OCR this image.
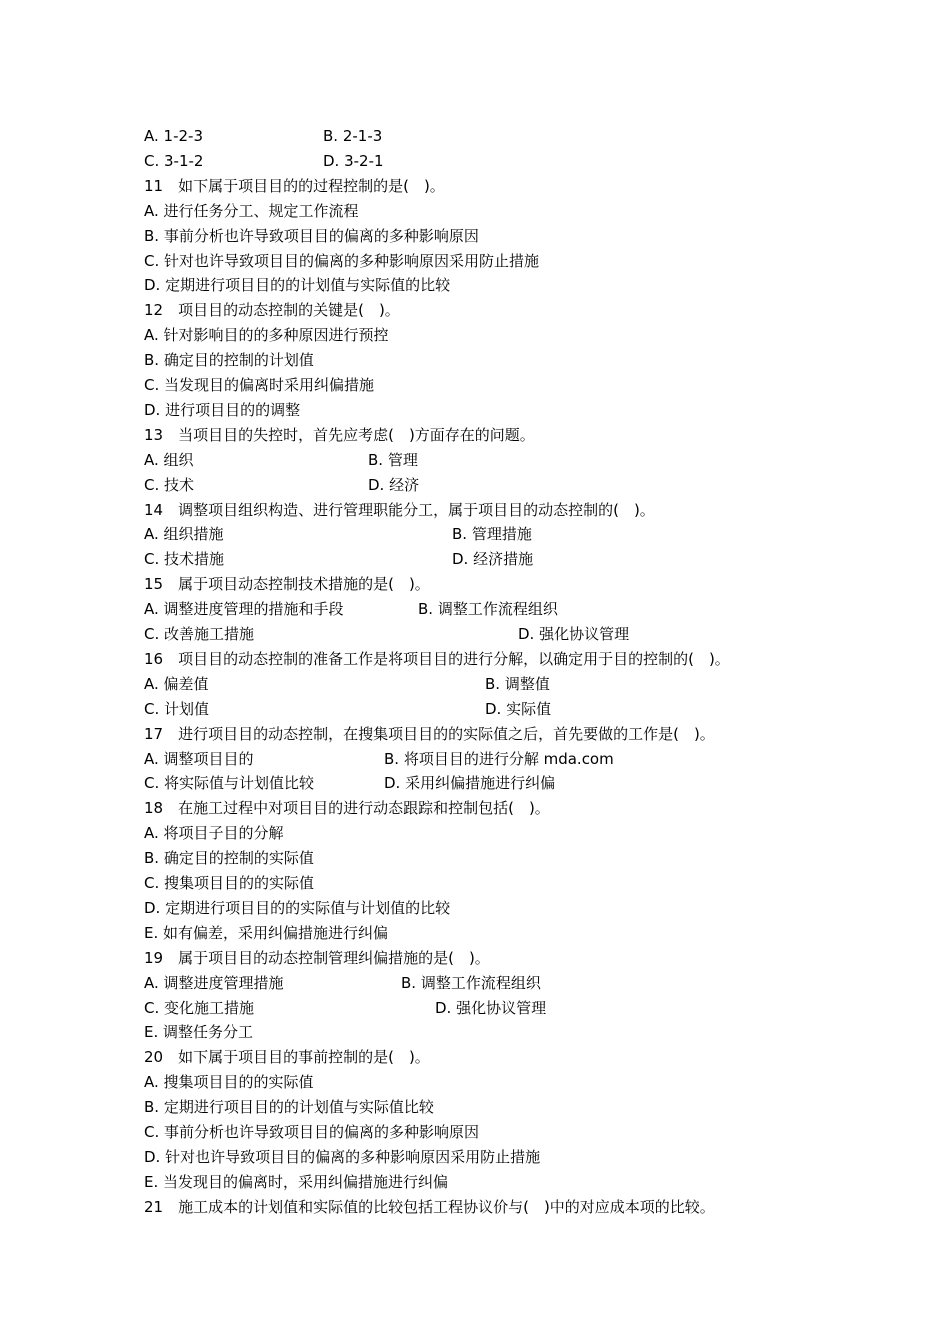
A. 1-2-3	B. 2-1-3
C. 3-1-2	D. 3-2-1
11　如下属于项目目的的过程控制的是(　)。
A. 进行任务分工、规定工作流程
B. 事前分析也许导致项目目的偏离的多种影响原因
C. 针对也许导致项目目的偏离的多种影响原因采用防止措施
D. 定期进行项目目的的计划值与实际值的比较
12　项目目的动态控制的关键是(　)。
A. 针对影响目的的多种原因进行预控
B. 确定目的控制的计划值
C. 当发现目的偏离时采用纠偏措施
D. 进行项目目的的调整
13　当项目目的失控时，首先应考虑(　)方面存在的问题。
A. 组织	B. 管理
C. 技术	D. 经济
14　调整项目组织构造、进行管理职能分工，属于项目目的动态控制的(　)。
A. 组织措施	B. 管理措施
C. 技术措施	D. 经济措施
15　属于项目动态控制技术措施的是(　)。
A. 调整进度管理的措施和手段	B. 调整工作流程组织
C. 改善施工措施	D. 强化协议管理
16　项目目的动态控制的准备工作是将项目目的进行分解，以确定用于目的控制的(　)。
A. 偏差值	B. 调整值
C. 计划值	D. 实际值
17　进行项目目的动态控制，在搜集项目目的的实际值之后，首先要做的工作是(　)。
A. 调整项目目的	B. 将项目目的进行分解 mda.com
C. 将实际值与计划值比较	D. 采用纠偏措施进行纠偏
18　在施工过程中对项目目的进行动态跟踪和控制包括(　)。
A. 将项目子目的分解
B. 确定目的控制的实际值
C. 搜集项目目的的实际值
D. 定期进行项目目的的实际值与计划值的比较
E. 如有偏差，采用纠偏措施进行纠偏
19　属于项目目的动态控制管理纠偏措施的是(　)。
A. 调整进度管理措施	B. 调整工作流程组织
C. 变化施工措施	D. 强化协议管理
E. 调整任务分工
20　如下属于项目目的事前控制的是(　)。
A. 搜集项目目的的实际值
B. 定期进行项目目的的计划值与实际值比较
C. 事前分析也许导致项目目的偏离的多种影响原因
D. 针对也许导致项目目的偏离的多种影响原因采用防止措施
E. 当发现目的偏离时，采用纠偏措施进行纠偏
21　施工成本的计划值和实际值的比较包括工程协议价与(　)中的对应成本项的比较。
